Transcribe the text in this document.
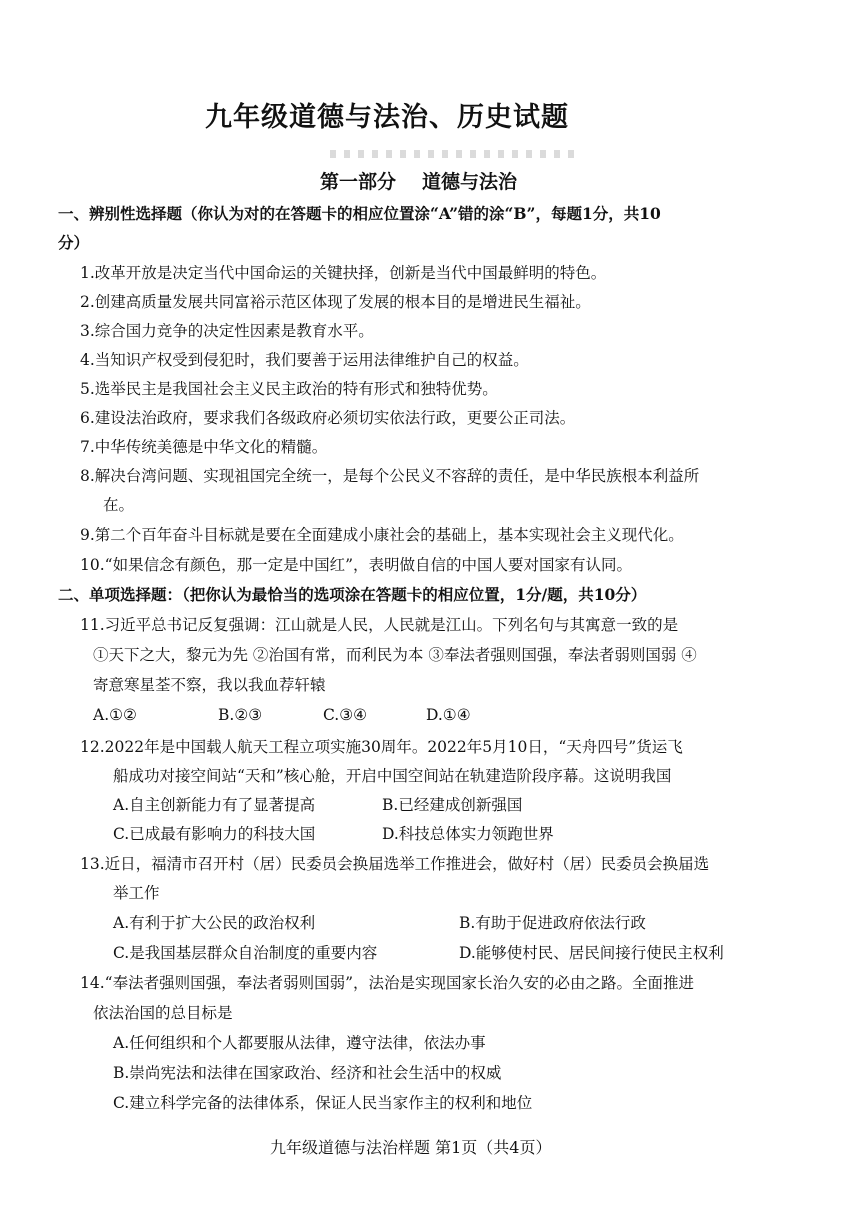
九年级道德与法治、历史试题
第一部分 道德与法治
一、辨别性选择题（你认为对的在答题卡的相应位置涂“A”错的涂“B”，每题1分，共10
分）
1.改革开放是决定当代中国命运的关键抉择，创新是当代中国最鲜明的特色。
2.创建高质量发展共同富裕示范区体现了发展的根本目的是增进民生福祉。
3.综合国力竞争的决定性因素是教育水平。
4.当知识产权受到侵犯时，我们要善于运用法律维护自己的权益。
5.选举民主是我国社会主义民主政治的特有形式和独特优势。
6.建设法治政府，要求我们各级政府必须切实依法行政，更要公正司法。
7.中华传统美德是中华文化的精髓。
8.解决台湾问题、实现祖国完全统一，是每个公民义不容辞的责任，是中华民族根本利益所
在。
9.第二个百年奋斗目标就是要在全面建成小康社会的基础上，基本实现社会主义现代化。
10.“如果信念有颜色，那一定是中国红”，表明做自信的中国人要对国家有认同。
二、单项选择题：（把你认为最恰当的选项涂在答题卡的相应位置，1分/题，共10分）
11.习近平总书记反复强调：江山就是人民，人民就是江山。下列名句与其寓意一致的是
①天下之大，黎元为先 ②治国有常，而利民为本 ③奉法者强则国强，奉法者弱则国弱 ④
寄意寒星荃不察，我以我血荐轩辕
A.①②	B.②③	C.③④	D.①④
12.2022年是中国载人航天工程立项实施30周年。2022年5月10日，“天舟四号”货运飞
船成功对接空间站“天和”核心舱，开启中国空间站在轨建造阶段序幕。这说明我国
A.自主创新能力有了显著提高	B.已经建成创新强国
C.已成最有影响力的科技大国	D.科技总体实力领跑世界
13.近日，福清市召开村（居）民委员会换届选举工作推进会，做好村（居）民委员会换届选
举工作
A.有利于扩大公民的政治权利	B.有助于促进政府依法行政
C.是我国基层群众自治制度的重要内容	D.能够使村民、居民间接行使民主权利
14.“奉法者强则国强，奉法者弱则国弱”，法治是实现国家长治久安的必由之路。全面推进
依法治国的总目标是
A.任何组织和个人都要服从法律，遵守法律，依法办事
B.崇尚宪法和法律在国家政治、经济和社会生活中的权威
C.建立科学完备的法律体系，保证人民当家作主的权利和地位
九年级道德与法治样题 第1页（共4页）
